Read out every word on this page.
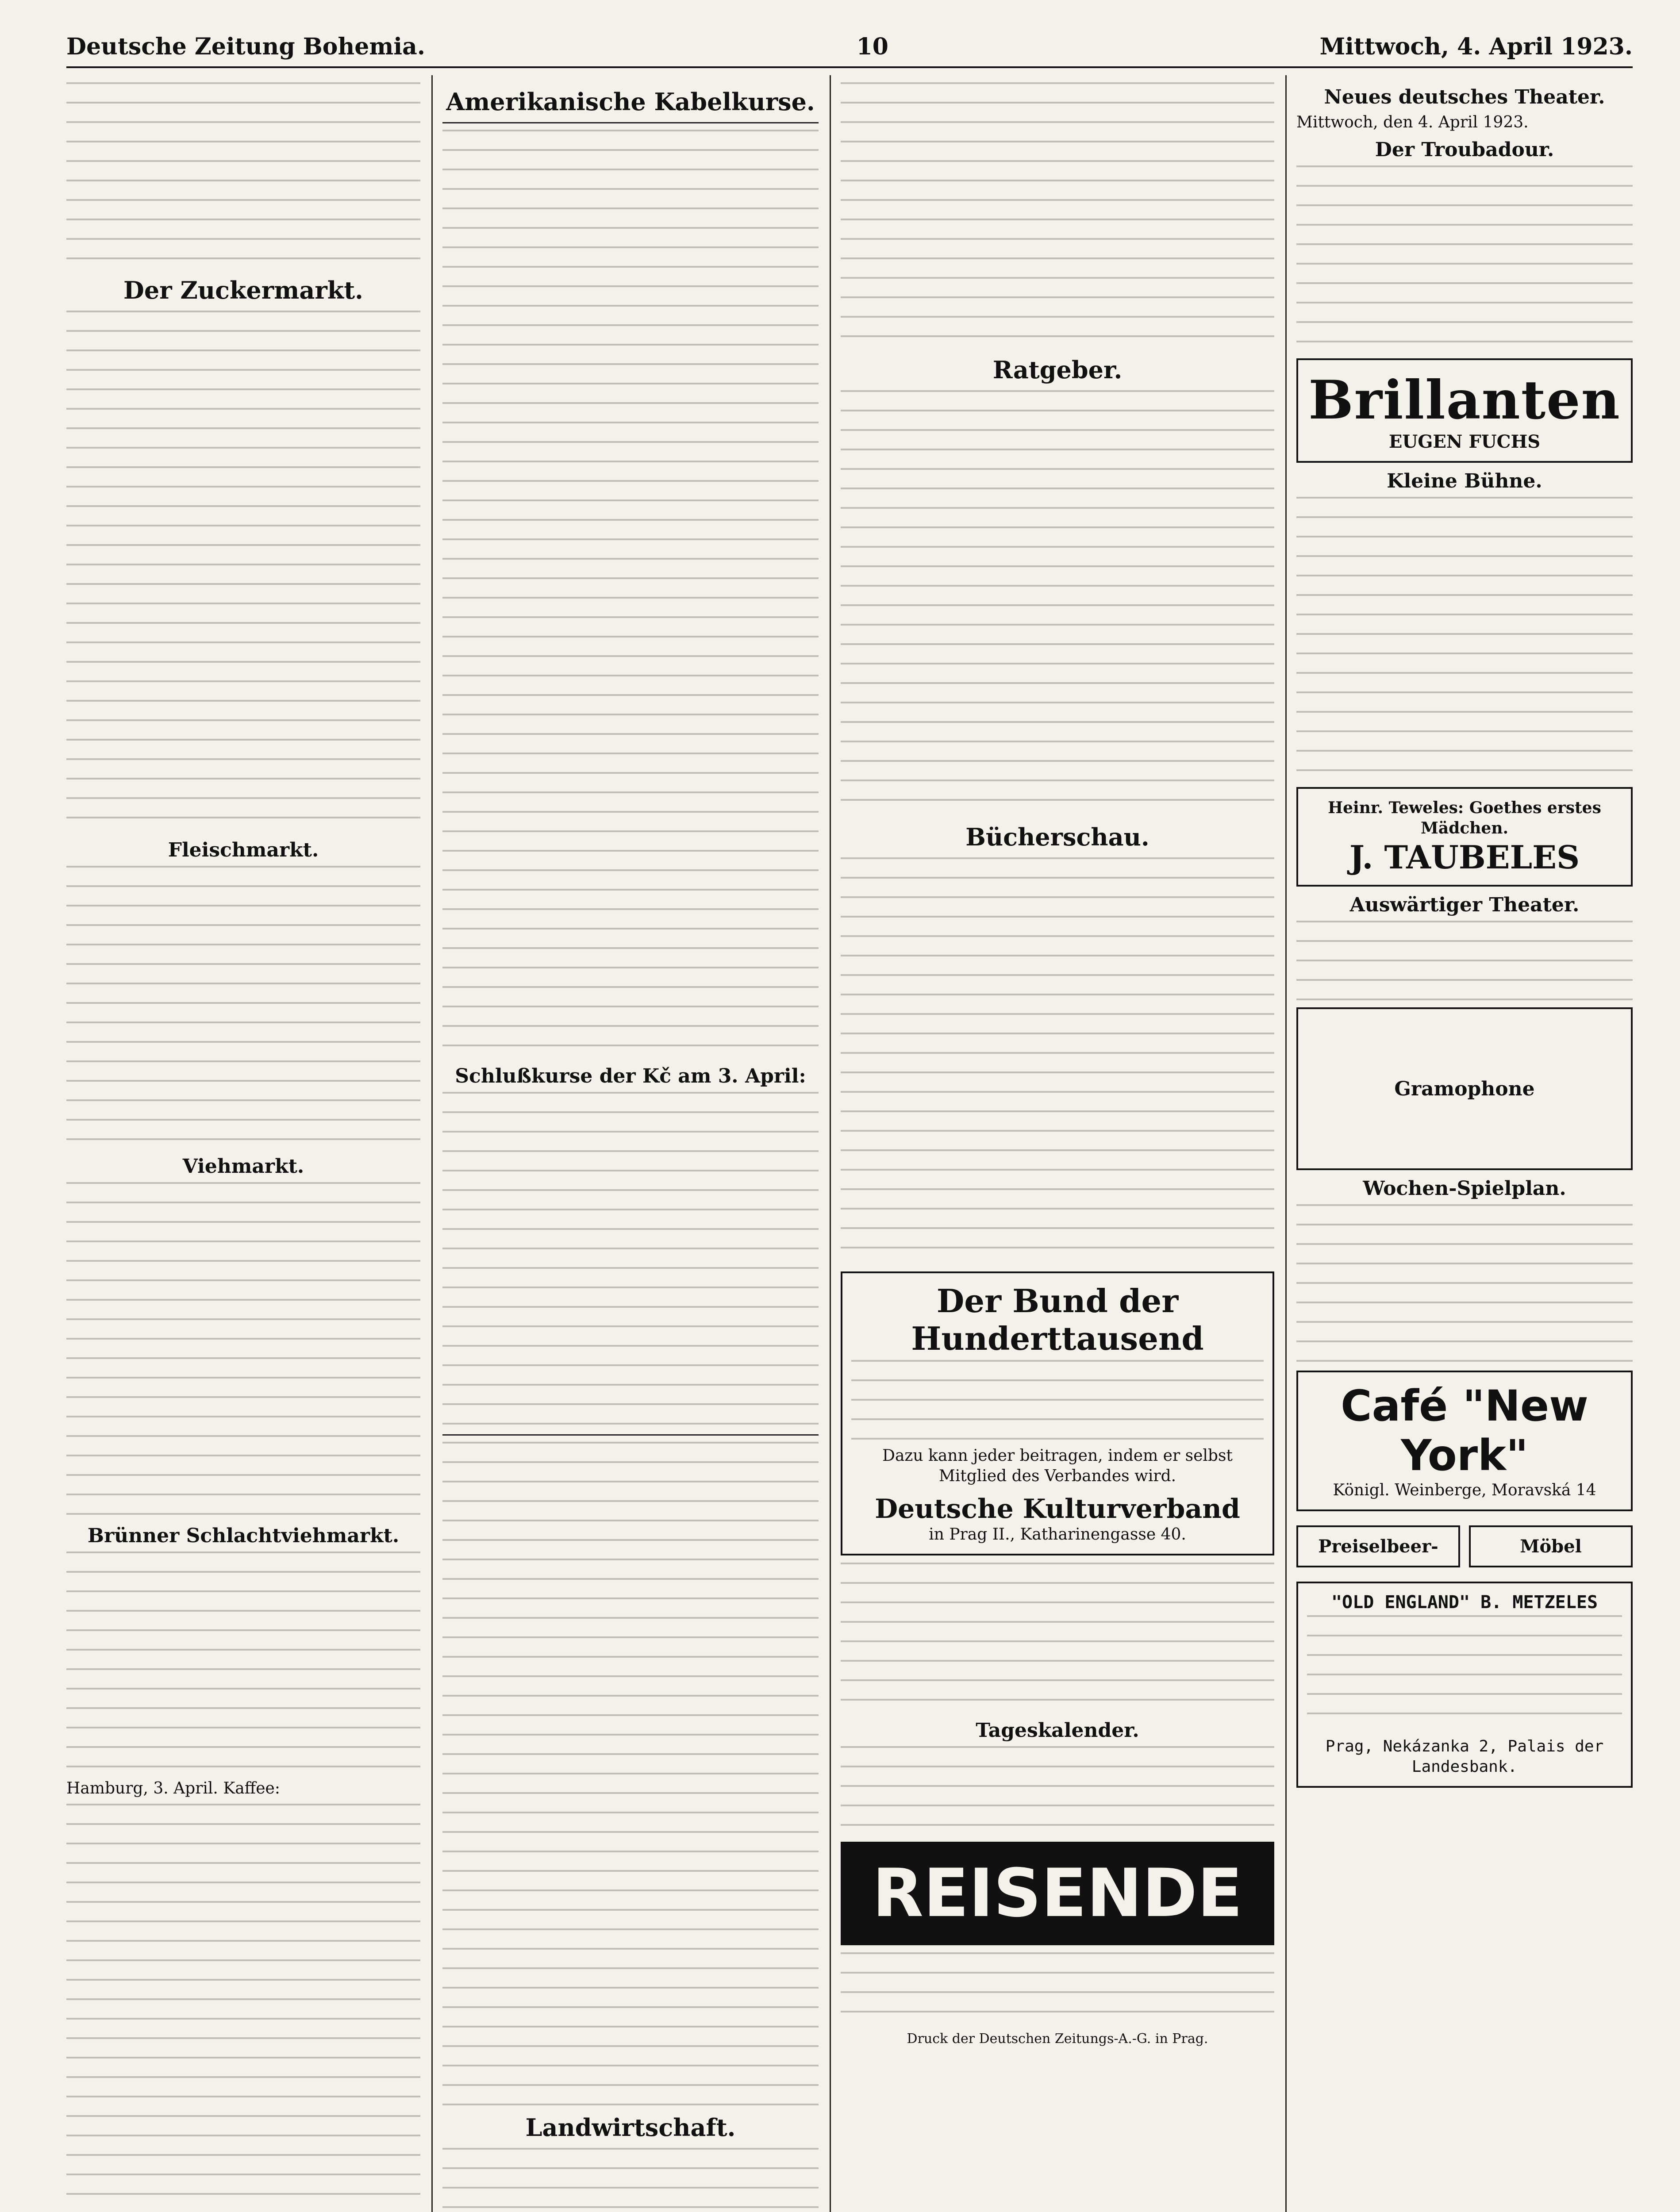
Deutsche Zeitung Bohemia.	10	Mittwoch, 4. April 1923.
Der Zuckermarkt.
Fleischmarkt.
Viehmarkt.
Brünner Schlachtviehmarkt.

Hamburg, 3. April. Kaffee:

Amerikanische Kabelkurse.
Schlußkurse der Kč am 3. April:
Landwirtschaft.
Ratgeber.
Bücherschau.
Der Bund der Hunderttausend
Dazu kann jeder beitragen, indem er selbst Mitglied des Verbandes wird.
Deutsche Kulturverband
in Prag II., Katharinengasse 40.
Tageskalender.
REISENDE

Druck der Deutschen Zeitungs-A.-G. in Prag.

Neues deutsches Theater.

Mittwoch, den 4. April 1923.

Der Troubadour.
Brillanten
EUGEN FUCHS
Kleine Bühne.
Heinr. Teweles: Goethes erstes Mädchen.
J. TAUBELES
Auswärtiger Theater.
Gramophone
Wochen-Spielplan.
Café "New York"
Königl. Weinberge, Moravská 14
Preiselbeer-	Möbel
"OLD ENGLAND" B. METZELES
Prag, Nekázanka 2, Palais der Landesbank.
